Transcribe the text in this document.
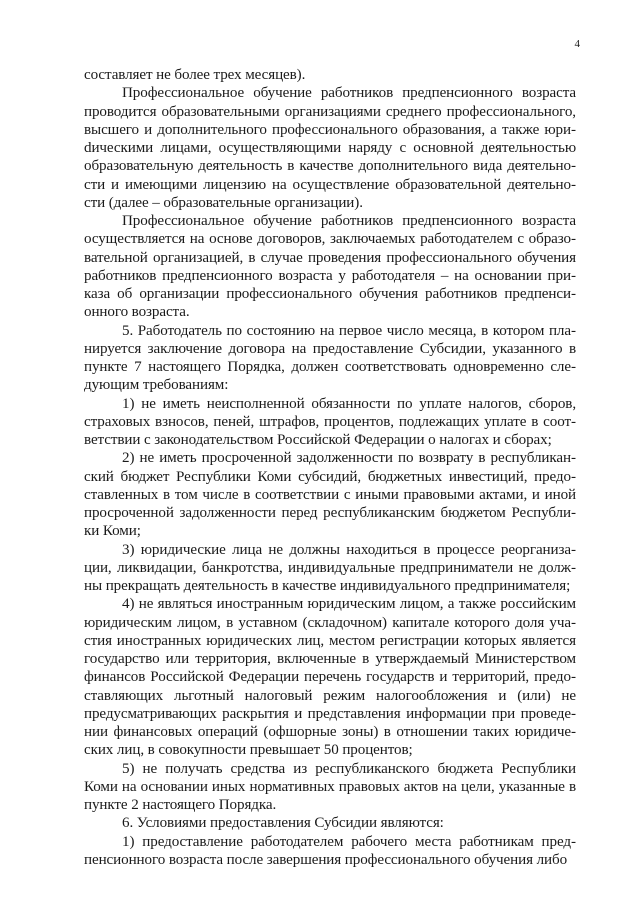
4

составляет не более трех месяцев).

Профессиональное обучение работников предпенсионного возраста проводится образовательными организациями среднего профессионального, высшего и дополнительного профессионального образования, а также юриdическими лицами, осуществляющими наряду с основной деятельностью образовательную деятельность в качестве дополнительного вида деятельности и имеющими лицензию на осуществление образовательной деятельности (далее – образовательные организации).

Профессиональное обучение работников предпенсионного возраста осуществляется на основе договоров, заключаемых работодателем с образовательной организацией, в случае проведения профессионального обучения работников предпенсионного возраста у работодателя – на основании приказа об организации профессионального обучения работников предпенсионного возраста.

5. Работодатель по состоянию на первое число месяца, в котором планируется заключение договора на предоставление Субсидии, указанного в пункте 7 настоящего Порядка, должен соответствовать одновременно следующим требованиям:

1) не иметь неисполненной обязанности по уплате налогов, сборов, страховых взносов, пеней, штрафов, процентов, подлежащих уплате в соответствии с законодательством Российской Федерации о налогах и сборах;

2) не иметь просроченной задолженности по возврату в республиканский бюджет Республики Коми субсидий, бюджетных инвестиций, предоставленных в том числе в соответствии с иными правовыми актами, и иной просроченной задолженности перед республиканским бюджетом Республики Коми;

3) юридические лица не должны находиться в процессе реорганизации, ликвидации, банкротства, индивидуальные предприниматели не должны прекращать деятельность в качестве индивидуального предпринимателя;

4) не являться иностранным юридическим лицом, а также российским юридическим лицом, в уставном (складочном) капитале которого доля участия иностранных юридических лиц, местом регистрации которых является государство или территория, включенные в утверждаемый Министерством финансов Российской Федерации перечень государств и территорий, предоставляющих льготный налоговый режим налогообложения и (или) не предусматривающих раскрытия и представления информации при проведении финансовых операций (офшорные зоны) в отношении таких юридических лиц, в совокупности превышает 50 процентов;

5) не получать средства из республиканского бюджета Республики Коми на основании иных нормативных правовых актов на цели, указанные в пункте 2 настоящего Порядка.

6. Условиями предоставления Субсидии являются:

1) предоставление работодателем рабочего места работникам предпенсионного возраста после завершения профессионального обучения либо
